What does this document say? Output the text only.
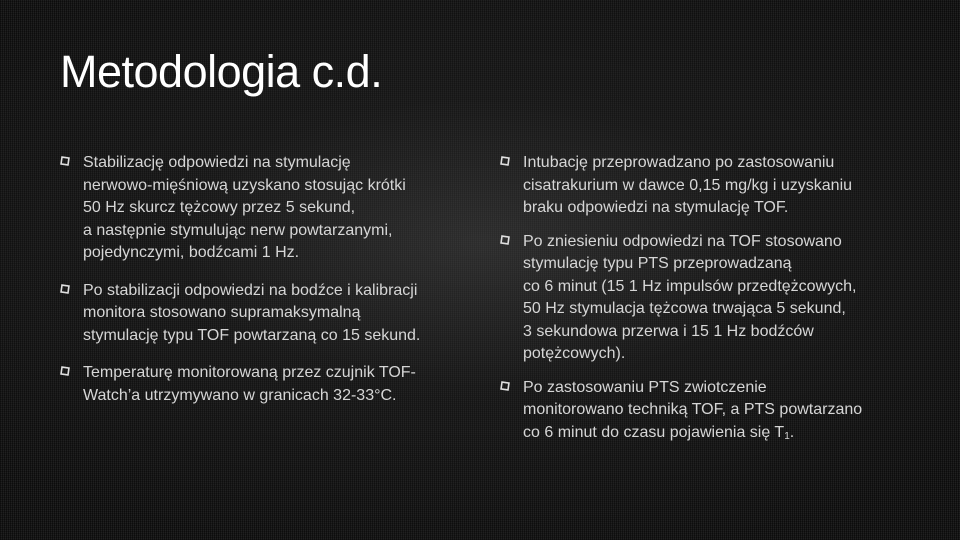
Metodologia c.d.
Stabilizację odpowiedzi na stymulację
nerwowo-mięśniową uzyskano stosując krótki
50 Hz skurcz tężcowy przez 5 sekund,
a następnie stymulując nerw powtarzanymi,
pojedynczymi, bodźcami 1 Hz.
Po stabilizacji odpowiedzi na bodźce i kalibracji
monitora stosowano supramaksymalną
stymulację typu TOF powtarzaną co 15 sekund.
Temperaturę monitorowaną przez czujnik TOF-
Watch’a utrzymywano w granicach 32-33°C.
Intubację przeprowadzano po zastosowaniu
cisatrakurium w dawce 0,15 mg/kg i uzyskaniu
braku odpowiedzi na stymulację TOF.
Po zniesieniu odpowiedzi na TOF stosowano
stymulację typu PTS przeprowadzaną
co 6 minut (15 1 Hz impulsów przedtężcowych,
50 Hz stymulacja tężcowa trwająca 5 sekund,
3 sekundowa przerwa i 15 1 Hz bodźców
potężcowych).
Po zastosowaniu PTS zwiotczenie
monitorowano techniką TOF, a PTS powtarzano
co 6 minut do czasu pojawienia się $T_1$.
